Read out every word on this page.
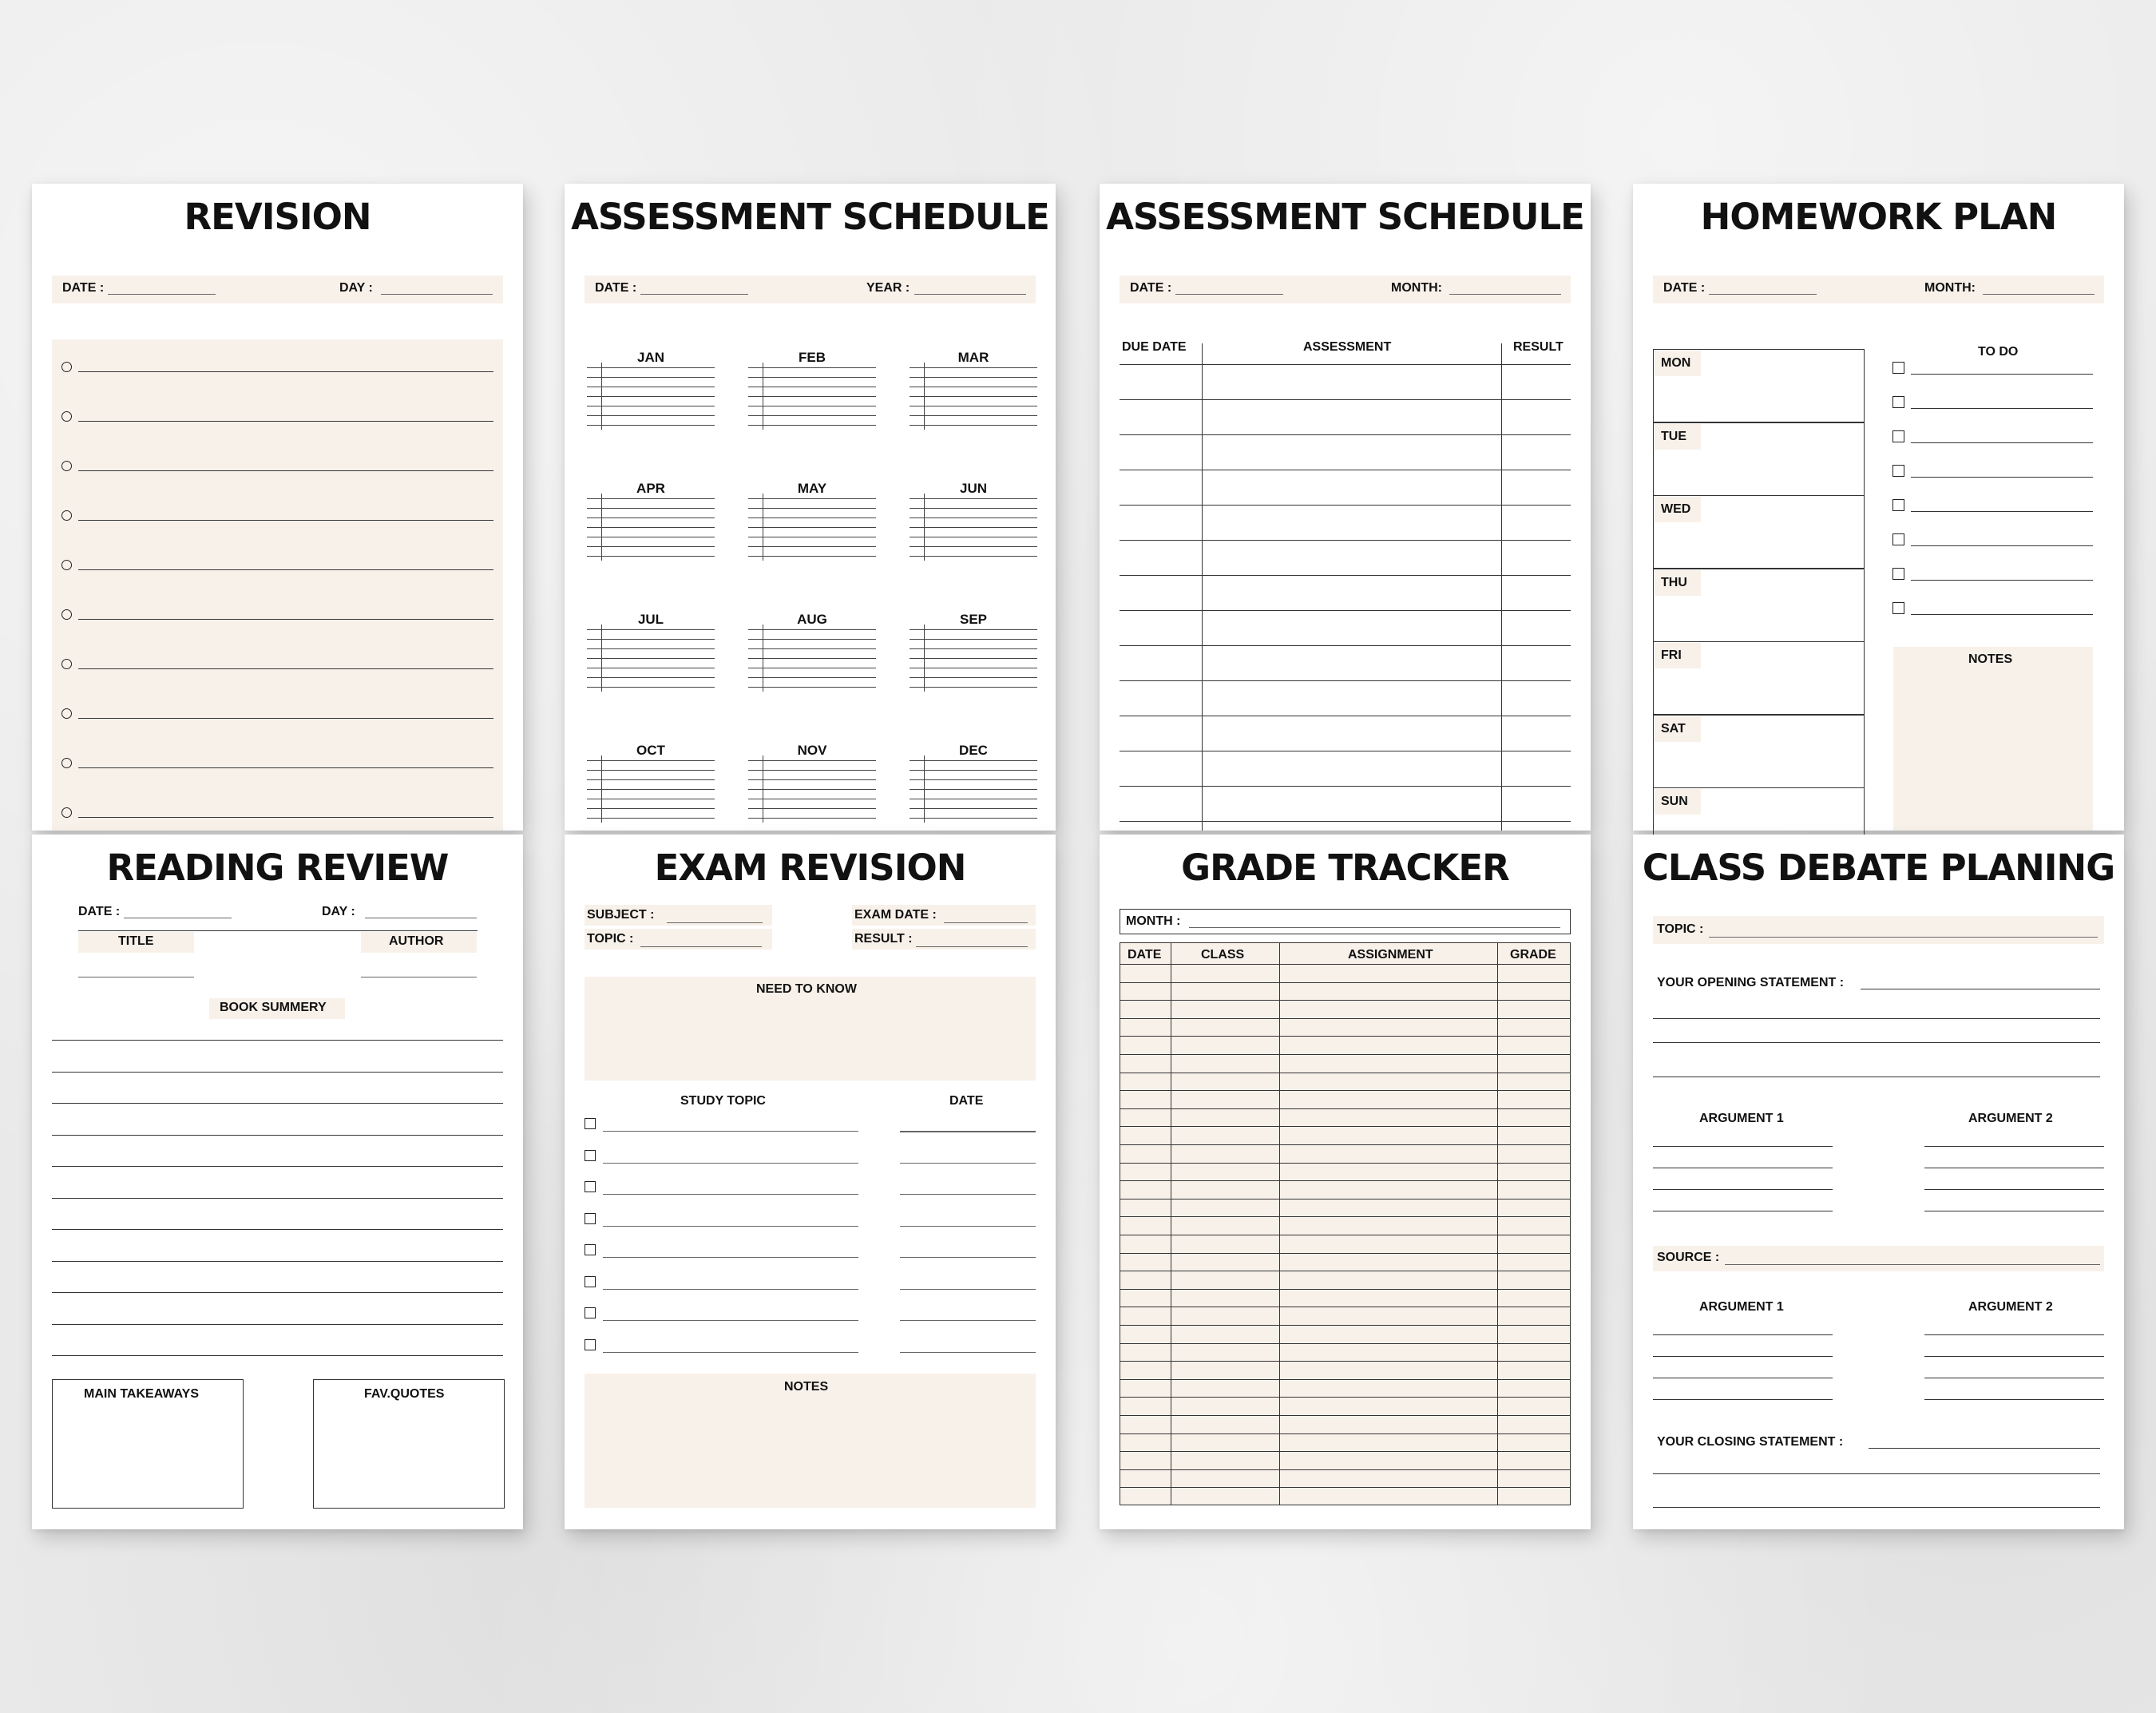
REVISION
DATE :	DAY :
ASSESSMENT SCHEDULE
DATE :	YEAR :
JAN	FEB	MAR
APR	MAY	JUN
JUL	AUG	SEP
OCT	NOV	DEC
ASSESSMENT SCHEDULE
DATE :	MONTH:
DUE DATE	ASSESSMENT	RESULT
HOMEWORK PLAN
DATE :	MONTH:
MON
TUE
WED
THU
FRI
SAT
SUN
TO DO
NOTES
READING REVIEW
DATE :	DAY :
TITLE	AUTHOR
BOOK SUMMERY
MAIN TAKEAWAYS	FAV.QUOTES
EXAM REVISION
SUBJECT :
TOPIC :
EXAM DATE :
RESULT :
NEED TO KNOW
STUDY TOPIC	DATE
NOTES
GRADE TRACKER
MONTH :
DATE	CLASS	ASSIGNMENT	GRADE
CLASS DEBATE PLANING
TOPIC :
YOUR OPENING STATEMENT :
ARGUMENT 1	ARGUMENT 2
SOURCE :
ARGUMENT 1	ARGUMENT 2
YOUR CLOSING STATEMENT :
